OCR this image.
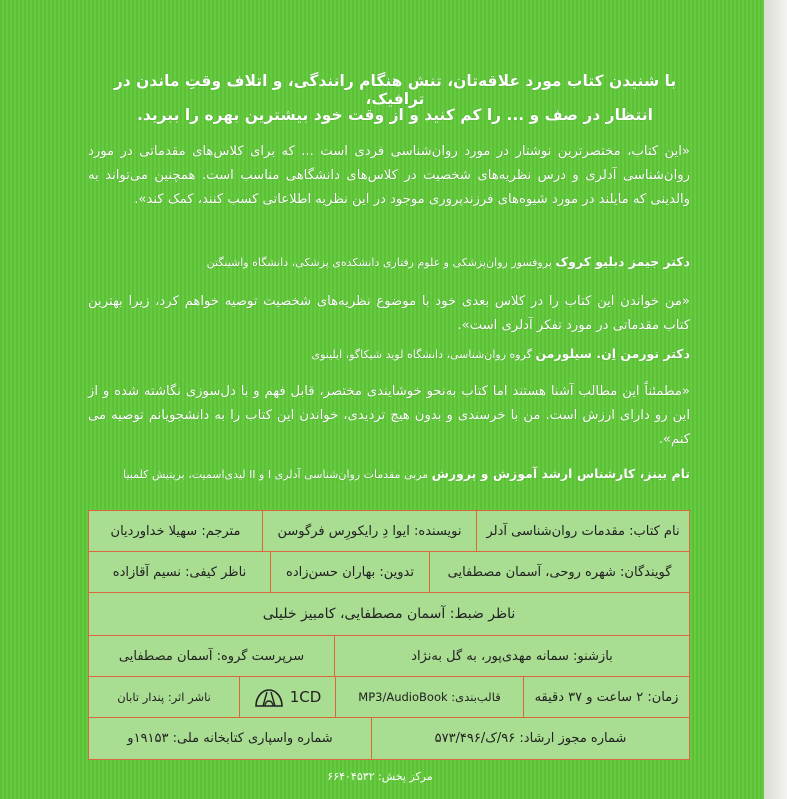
با شنیدن کتاب مورد علاقه‌تان، تنش هنگام رانندگی، و اتلاف وقتِ ماندن در ترافیک،
انتظار در صف و ... را کم کنید و از وقت خود بیشترین بهره را ببرید.
«این کتاب، مختصرترین نوشتار در مورد روان‌شناسی فردی است ... که برای کلاس‌های مقدماتی در مورد روان‌شناسی آدلری و درس نظریه‌های شخصیت در کلاس‌های دانشگاهی مناسب است. همچنین می‌تواند به والدینی که مایلند در مورد شیوه‌های فرزندپروری موجود در این نظریه اطلاعاتی کسب کنند، کمک کند».
دکتر جیمز دبلیو کروک پروفسور روان‌پزشکی و علوم رفتاری دانشکده‌ی پزشکی، دانشگاه واشینگتن
«من خواندن این کتاب را در کلاس بعدی خود با موضوع نظریه‌های شخصیت توصیه خواهم کرد، زیرا بهترین کتاب مقدماتی در مورد تفکر آدلری است».
دکتر نورمن اِن. سیلورمن گروه روان‌شناسی، دانشگاه لوید شیکاگو، ایلینوی
«مطمئناً این مطالب آشنا هستند اما کتاب به‌نحو خوشایندی مختصر، قابل فهم و با دل‌سوزی نگاشته شده و از این رو دارای ارزش است. من با خرسندی و بدون هیچ تردیدی، خواندن این کتاب را به دانشجویانم توصیه می کنم».
تام بینز، کارشناس ارشد آموزش و پرورش مربی مقدمات روان‌شناسی آدلری I و II لیدی‌اسمیت، بریتیش کلمبیا
نام کتاب: مقدمات روان‌شناسی آدلر
نویسنده: ایوا دِ رایکورِس فرگوسن
مترجم: سهیلا خداوردیان
گویندگان: شهره روحی، آسمان مصطفایی
تدوین: بهاران حسن‌زاده
ناظر کیفی: نسیم آقازاده
ناظر ضبط: آسمان مصطفایی، کامبیز خلیلی
بازشنو: سمانه مهدی‌پور، به گل به‌نژاد
سرپرست گروه: آسمان مصطفایی
زمان: ۲ ساعت و ۳۷ دقیقه
قالب‌بندی: MP3/AudioBook
1CD
ناشر اثر: پندار تابان
شماره مجوز ارشاد: ۹۶/ک/۵۷۳/۴۹۶
شماره واسپاری کتابخانه ملی: ۱۹۱۵۳و
مرکز پخش: ۶۶۴۰۴۵۳۲
